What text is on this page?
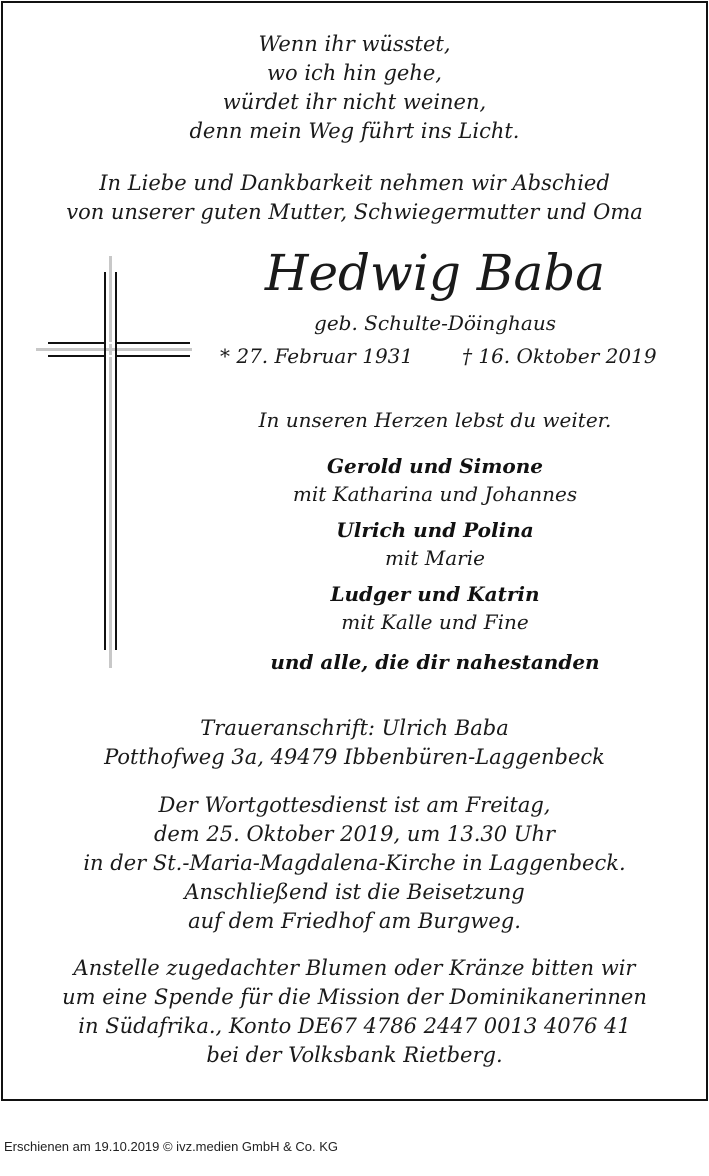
Wenn ihr wüsstet,
wo ich hin gehe,
würdet ihr nicht weinen,
denn mein Weg führt ins Licht.
In Liebe und Dankbarkeit nehmen wir Abschied
von unserer guten Mutter, Schwiegermutter und Oma
Hedwig Baba
geb. Schulte-Döinghaus
* 27. Februar 1931 † 16. Oktober 2019
In unseren Herzen lebst du weiter.
Gerold und Simone
mit Katharina und Johannes
Ulrich und Polina
mit Marie
Ludger und Katrin
mit Kalle und Fine
und alle, die dir nahestanden
Traueranschrift: Ulrich Baba
Potthofweg 3a, 49479 Ibbenbüren-Laggenbeck
Der Wortgottesdienst ist am Freitag,
dem 25. Oktober 2019, um 13.30 Uhr
in der St.-Maria-Magdalena-Kirche in Laggenbeck.
Anschließend ist die Beisetzung
auf dem Friedhof am Burgweg.
Anstelle zugedachter Blumen oder Kränze bitten wir
um eine Spende für die Mission der Dominikanerinnen
in Südafrika., Konto DE67 4786 2447 0013 4076 41
bei der Volksbank Rietberg.
Erschienen am 19.10.2019 © ivz.medien GmbH & Co. KG
